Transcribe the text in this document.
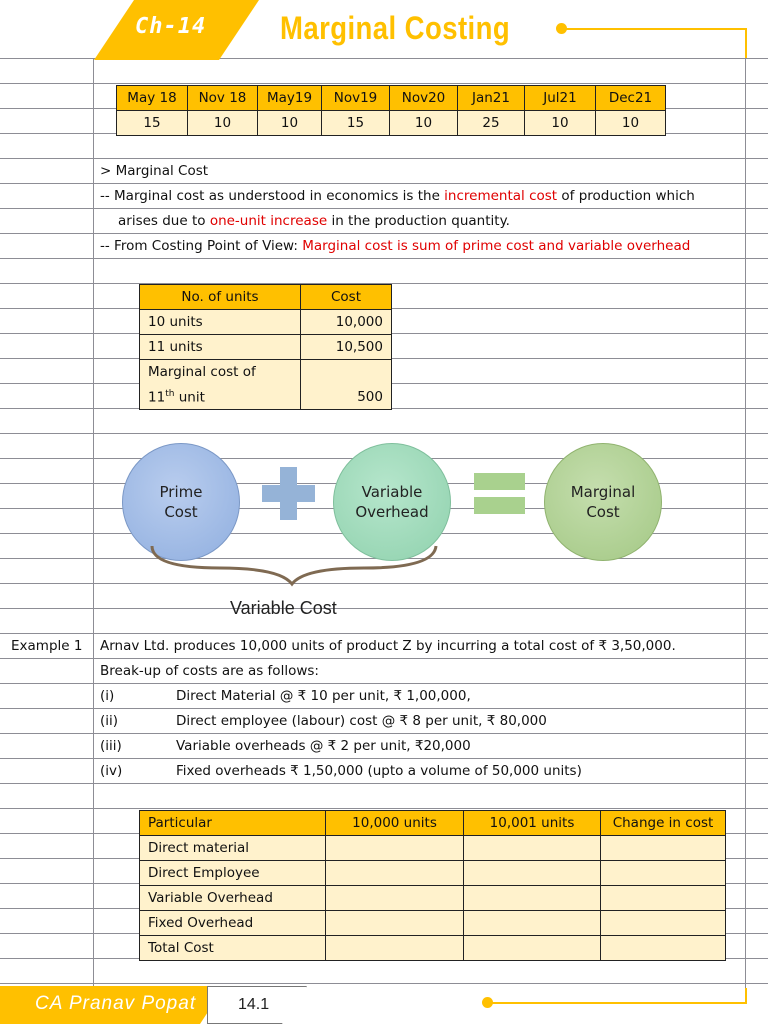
Ch-14 Marginal Costing
May 18	Nov 18	May19	Nov19	Nov20	Jan21	Jul21	Dec21
15	10	10	15	10	25	10	10
> Marginal Cost
-- Marginal cost as understood in economics is the incremental cost of production which
arises due to one-unit increase in the production quantity.
-- From Costing Point of View: Marginal cost is sum of prime cost and variable overhead
No. of units	Cost
10 units	10,000
11 units	10,500
Marginal cost of	
11th unit	500
Prime
Cost
Variable
Overhead
Marginal
Cost
Variable Cost
Example 1 Arnav Ltd. produces 10,000 units of product Z by incurring a total cost of ₹ 3,50,000.
Break-up of costs are as follows:
(i)	Direct Material @ ₹ 10 per unit, ₹ 1,00,000,
(ii)	Direct employee (labour) cost @ ₹ 8 per unit, ₹ 80,000
(iii)	Variable overheads @ ₹ 2 per unit, ₹20,000
(iv)	Fixed overheads ₹ 1,50,000 (upto a volume of 50,000 units)
Particular	10,000 units	10,001 units	Change in cost
Direct material			
Direct Employee			
Variable Overhead			
Fixed Overhead			
Total Cost			
CA Pranav Popat	14.1
